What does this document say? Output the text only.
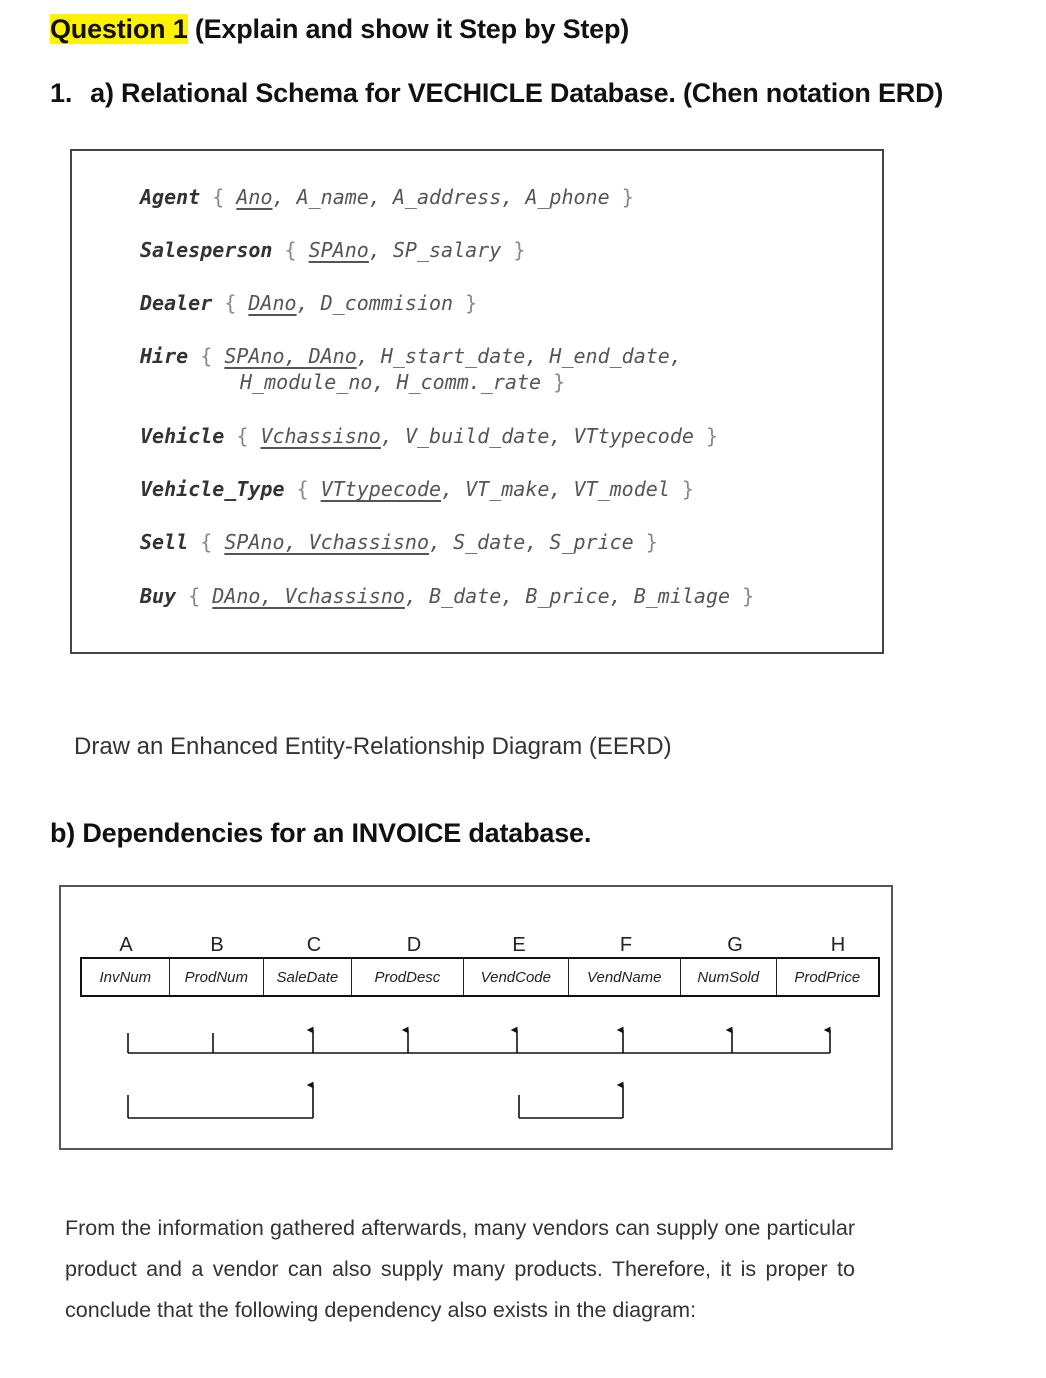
Question 1 (Explain and show it Step by Step)
1. a) Relational Schema for VECHICLE Database. (Chen notation ERD)
Agent { Ano, A_name, A_address, A_phone }
Salesperson { SPAno, SP_salary }
Dealer { DAno, D_commision }
Hire { SPAno, DAno, H_start_date, H_end_date,
H_module_no, H_comm._rate }
Vehicle { Vchassisno, V_build_date, VTtypecode }
Vehicle_Type { VTtypecode, VT_make, VT_model }
Sell { SPAno, Vchassisno, S_date, S_price }
Buy { DAno, Vchassisno, B_date, B_price, B_milage }
Draw an Enhanced Entity-Relationship Diagram (EERD)
b) Dependencies for an INVOICE database.
A	B	C	D	E	F	G	H
InvNum	ProdNum	SaleDate	ProdDesc	VendCode	VendName	NumSold	ProdPrice
From the information gathered afterwards, many vendors can supply one particular product and a vendor can also supply many products. Therefore, it is proper to conclude that the following dependency also exists in the diagram:
